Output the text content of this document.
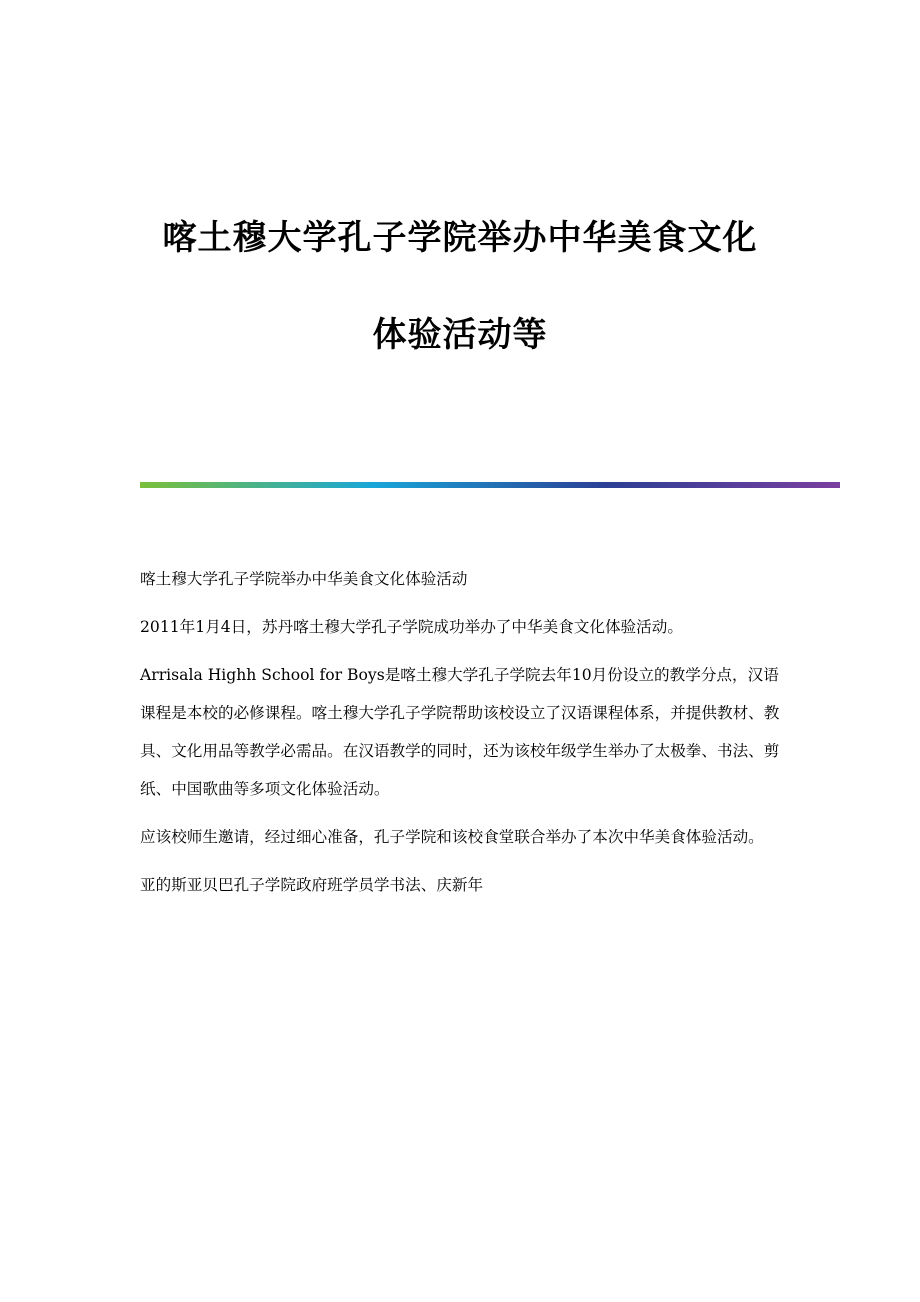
喀土穆大学孔子学院举办中华美食文化
体验活动等

喀土穆大学孔子学院举办中华美食文化体验活动

2011年1月4日，苏丹喀土穆大学孔子学院成功举办了中华美食文化体验活动。

Arrisala Highh School for Boys是喀土穆大学孔子学院去年10月份设立的教学分点，汉语课程是本校的必修课程。喀土穆大学孔子学院帮助该校设立了汉语课程体系，并提供教材、教具、文化用品等教学必需品。在汉语教学的同时，还为该校年级学生举办了太极拳、书法、剪纸、中国歌曲等多项文化体验活动。

应该校师生邀请，经过细心准备，孔子学院和该校食堂联合举办了本次中华美食体验活动。

亚的斯亚贝巴孔子学院政府班学员学书法、庆新年
